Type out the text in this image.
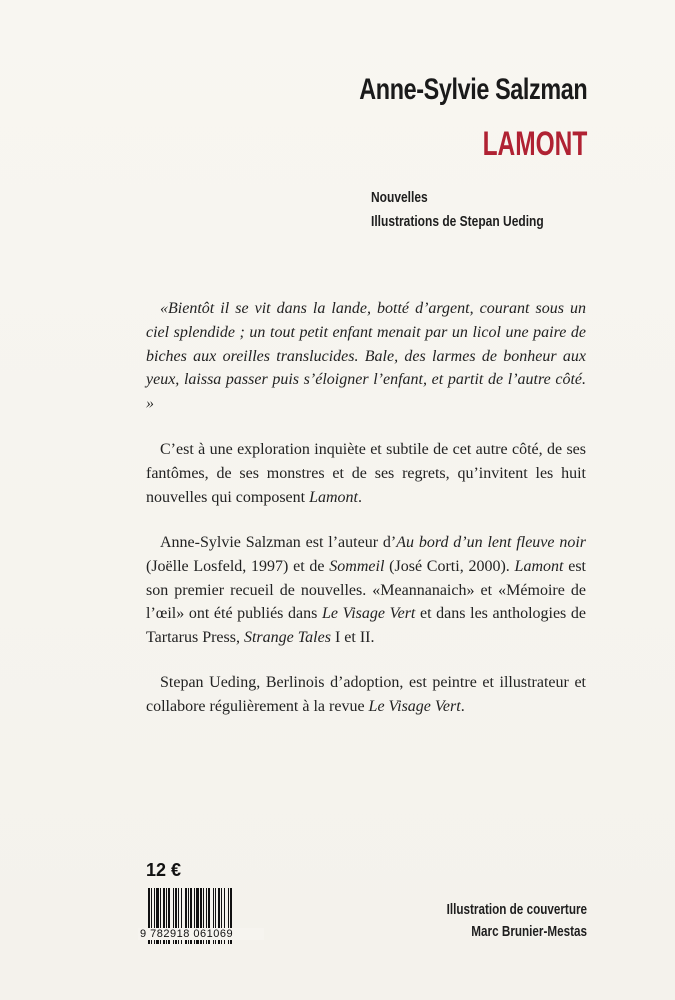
Anne-Sylvie Salzman
LAMONT
Nouvelles
Illustrations de Stepan Ueding

«Bientôt il se vit dans la lande, botté d’argent, courant sous un ciel splendide ; un tout petit enfant menait par un licol une paire de biches aux oreilles translucides. Bale, des larmes de bonheur aux yeux, laissa passer puis s’éloigner l’enfant, et partit de l’autre côté. »

C’est à une exploration inquiète et subtile de cet autre côté, de ses fantômes, de ses monstres et de ses regrets, qu’invitent les huit nouvelles qui composent Lamont.

Anne-Sylvie Salzman est l’auteur d’Au bord d’un lent fleuve noir (Joëlle Losfeld, 1997) et de Sommeil (José Corti, 2000). Lamont est son premier recueil de nouvelles. «Meannanaich» et «Mémoire de l’œil» ont été publiés dans Le Visage Vert et dans les anthologies de Tartarus Press, Strange Tales I et II.

Stepan Ueding, Berlinois d’adoption, est peintre et illustrateur et collabore régulièrement à la revue Le Visage Vert.

12 €
9 782918 061069
Illustration de couverture
Marc Brunier-Mestas
